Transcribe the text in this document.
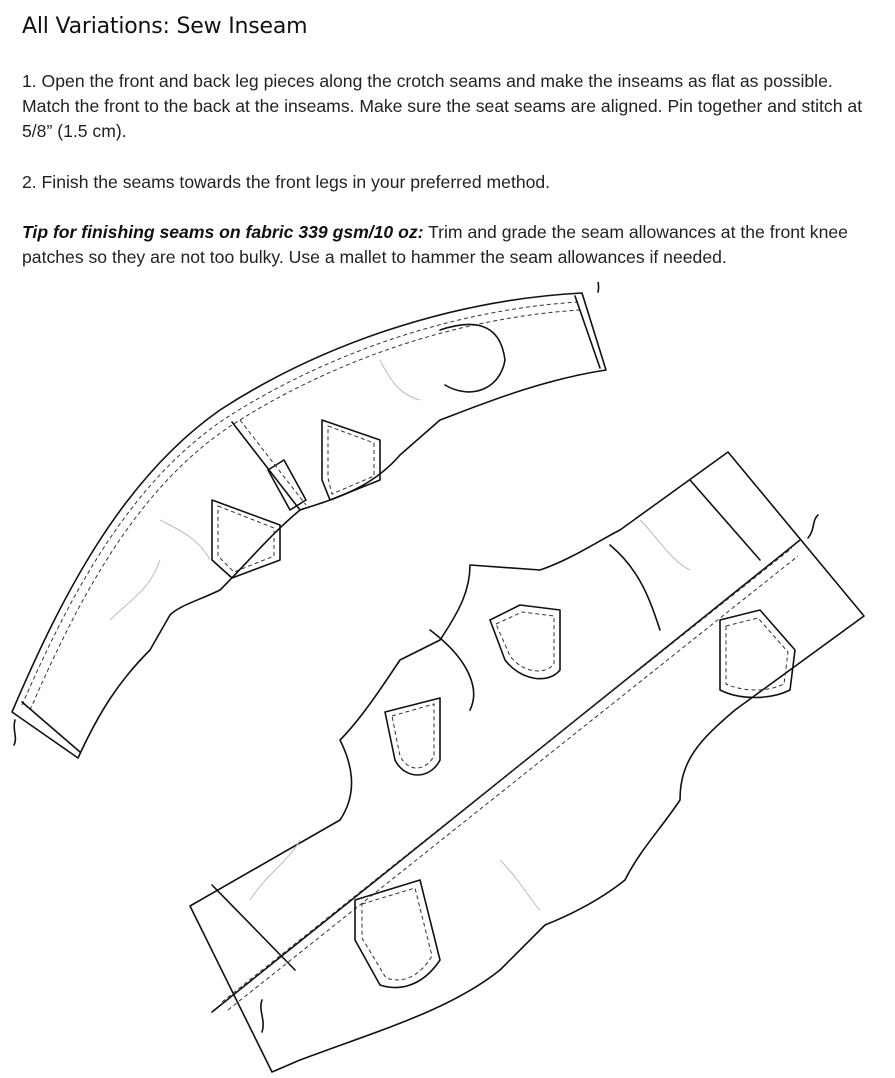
All Variations: Sew Inseam

1. Open the front and back leg pieces along the crotch seams and make the inseams as flat as possible. Match the front to the back at the inseams. Make sure the seat seams are aligned. Pin together and stitch at 5/8” (1.5 cm).

2. Finish the seams towards the front legs in your preferred method.

Tip for finishing seams on fabric 339 gsm/10 oz: Trim and grade the seam allowances at the front knee patches so they are not too bulky. Use a mallet to hammer the seam allowances if needed.
